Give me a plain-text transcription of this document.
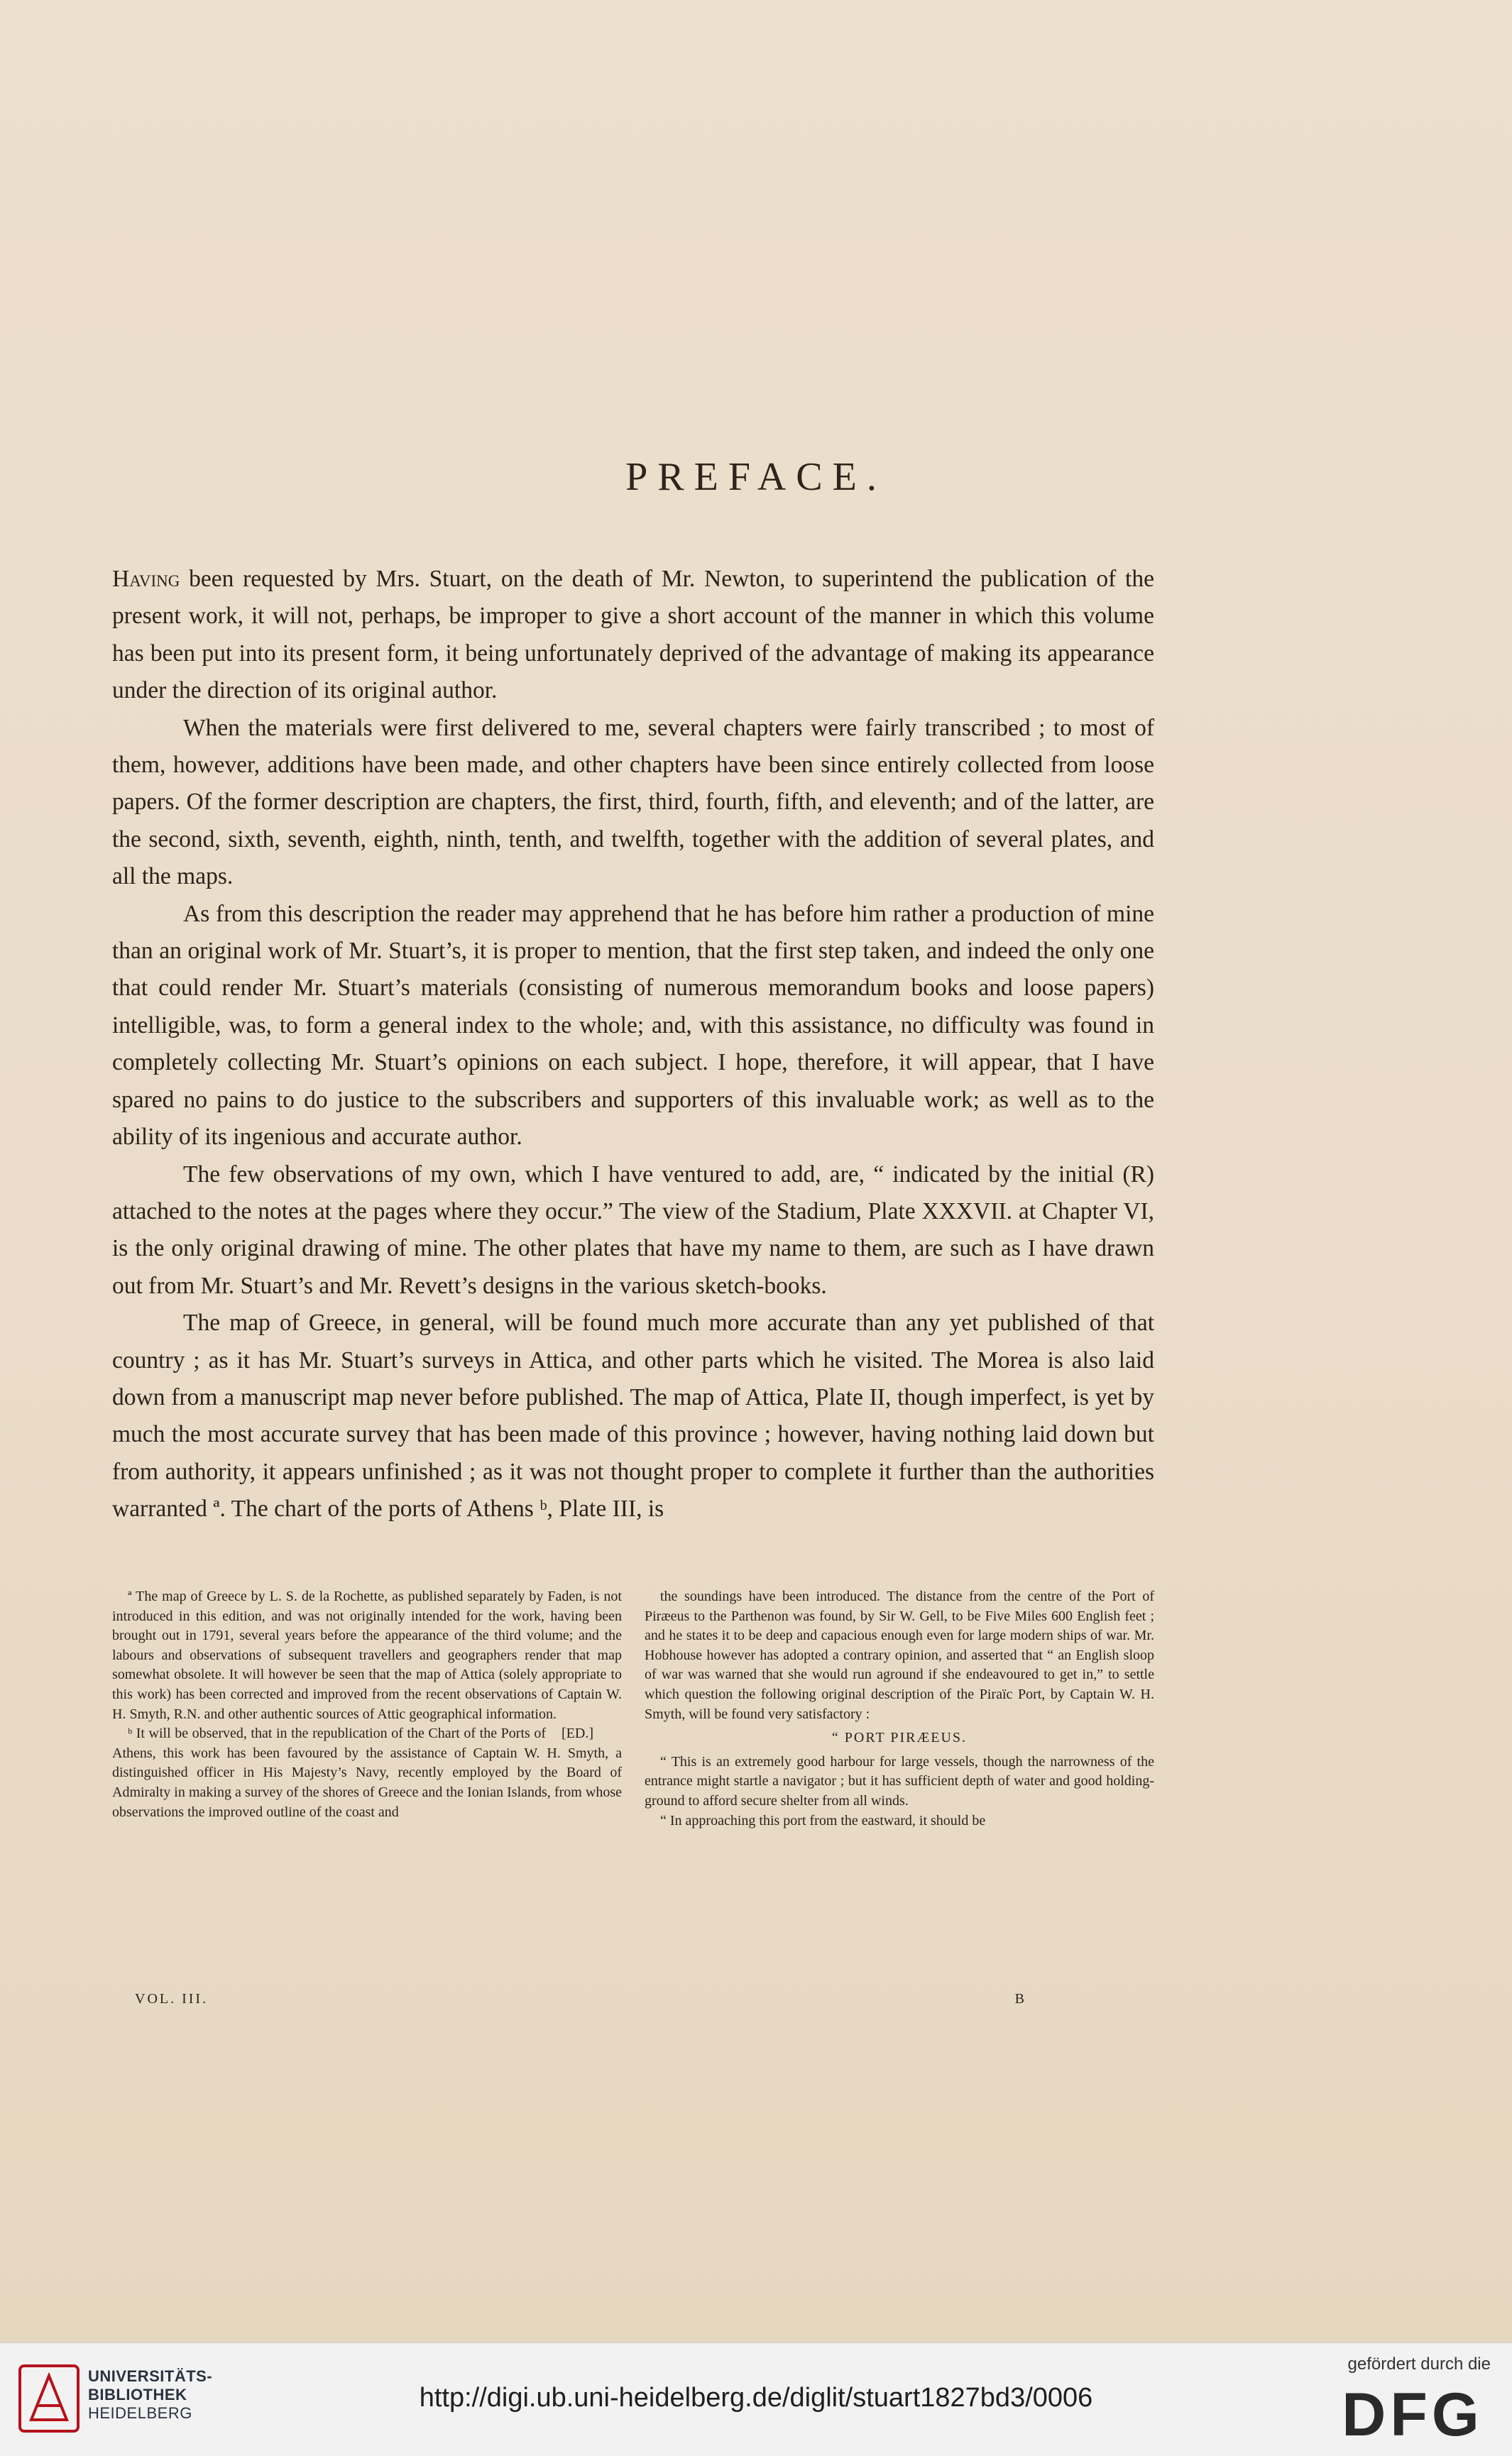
PREFACE.

Having been requested by Mrs. Stuart, on the death of Mr. Newton, to superintend the publication of the present work, it will not, perhaps, be improper to give a short account of the manner in which this volume has been put into its present form, it being unfortunately deprived of the advantage of making its appearance under the direction of its original author.

When the materials were first delivered to me, several chapters were fairly transcribed ; to most of them, however, additions have been made, and other chapters have been since entirely collected from loose papers. Of the former description are chapters, the first, third, fourth, fifth, and eleventh; and of the latter, are the second, sixth, seventh, eighth, ninth, tenth, and twelfth, together with the addition of several plates, and all the maps.

As from this description the reader may apprehend that he has before him rather a production of mine than an original work of Mr. Stuart’s, it is proper to mention, that the first step taken, and indeed the only one that could render Mr. Stuart’s materials (consisting of numerous memorandum books and loose papers) intelligible, was, to form a general index to the whole; and, with this assistance, no difficulty was found in completely collecting Mr. Stuart’s opinions on each subject. I hope, therefore, it will appear, that I have spared no pains to do justice to the subscribers and supporters of this invaluable work; as well as to the ability of its ingenious and accurate author.

The few observations of my own, which I have ventured to add, are, “ indicated by the initial (R) attached to the notes at the pages where they occur.” The view of the Stadium, Plate XXXVII. at Chapter VI, is the only original drawing of mine. The other plates that have my name to them, are such as I have drawn out from Mr. Stuart’s and Mr. Revett’s designs in the various sketch-books.

The map of Greece, in general, will be found much more accurate than any yet published of that country ; as it has Mr. Stuart’s surveys in Attica, and other parts which he visited. The Morea is also laid down from a manuscript map never before published. The map of Attica, Plate II, though imperfect, is yet by much the most accurate survey that has been made of this province ; however, having nothing laid down but from authority, it appears unfinished ; as it was not thought proper to complete it further than the authorities warranted ª. The chart of the ports of Athens ᵇ, Plate III, is

ª The map of Greece by L. S. de la Rochette, as published separately by Faden, is not introduced in this edition, and was not originally intended for the work, having been brought out in 1791, several years before the appearance of the third volume; and the labours and observations of subsequent travellers and geographers render that map somewhat obsolete. It will however be seen that the map of Attica (solely appropriate to this work) has been corrected and improved from the recent observations of Captain W. H. Smyth, R.N. and other authentic sources of Attic geographical information.
[ED.]

ᵇ It will be observed, that in the republication of the Chart of the Ports of Athens, this work has been favoured by the assistance of Captain W. H. Smyth, a distinguished officer in His Majesty’s Navy, recently employed by the Board of Admiralty in making a survey of the shores of Greece and the Ionian Islands, from whose observations the improved outline of the coast and

the soundings have been introduced. The distance from the centre of the Port of Piræeus to the Parthenon was found, by Sir W. Gell, to be Five Miles 600 English feet ; and he states it to be deep and capacious enough even for large modern ships of war. Mr. Hobhouse however has adopted a contrary opinion, and asserted that “ an English sloop of war was warned that she would run aground if she endeavoured to get in,” to settle which question the following original description of the Piraïc Port, by Captain W. H. Smyth, will be found very satisfactory :

“ PORT PIRÆEUS.

“ This is an extremely good harbour for large vessels, though the narrowness of the entrance might startle a navigator ; but it has sufficient depth of water and good holding-ground to afford secure shelter from all winds.

“ In approaching this port from the eastward, it should be

VOL. III.	B
UNIVERSITÄTS-
BIBLIOTHEK
HEIDELBERG
http://digi.ub.uni-heidelberg.de/diglit/stuart1827bd3/0006
gefördert durch die
DFG
